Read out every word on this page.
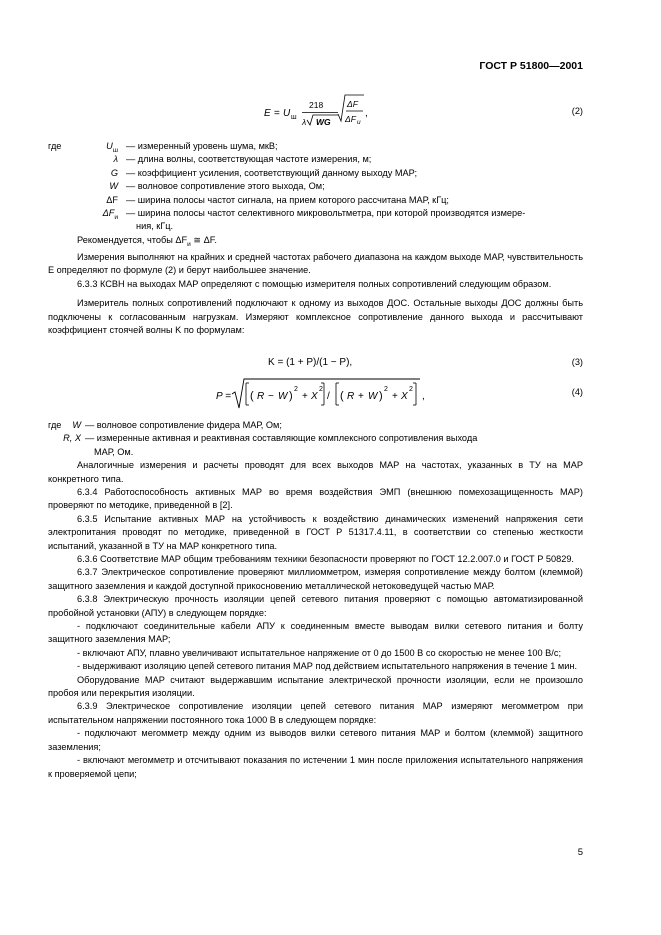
ГОСТ Р 51800—2001
E = U ш
218
λ WG
ΔF
ΔF и
,	(2)
где	$U_ш$ — измеренный уровень шума, мкВ;
λ — длина волны, соответствующая частоте измерения, м;
G — коэффициент усиления, соответствующий данному выходу МАР;
W — волновое сопротивление этого выхода, Ом;
ΔF — ширина полосы частот сигнала, на прием которого рассчитана МАР, кГц;
$\Delta F_и$ — ширина полосы частот селективного микровольтметра, при которой производятся измере-
ния, кГц.

Рекомендуется, чтобы $\Delta F_и$ ≅ ΔF.

Измерения выполняют на крайних и средней частотах рабочего диапазона на каждом выходе МАР, чувствительность E определяют по формуле (2) и берут наибольшее значение.

6.3.3 КСВН на выходах МАР определяют с помощью измерителя полных сопротивлений следующим образом.

Измеритель полных сопротивлений подключают к одному из выходов ДОС. Остальные выходы ДОС должны быть подключены к согласованным нагрузкам. Измеряют комплексное сопротивление данного выхода и рассчитывают коэффициент стоячей волны K по формулам:

K = (1 + P)/(1 − P),	(3)
P = ( R − W )
2
+ X
2
/ ( R + W )
2
+ X
2
,	(4)
где W — волновое сопротивление фидера МАР, Ом;
R, X — измеренные активная и реактивная составляющие комплексного сопротивления выхода
МАР, Ом.

Аналогичные измерения и расчеты проводят для всех выходов МАР на частотах, указанных в ТУ на МАР конкретного типа.

6.3.4 Работоспособность активных МАР во время воздействия ЭМП (внешнюю помехозащищенность МАР) проверяют по методике, приведенной в [2].

6.3.5 Испытание активных МАР на устойчивость к воздействию динамических изменений напряжения сети электропитания проводят по методике, приведенной в ГОСТ Р 51317.4.11, в соответствии со степенью жесткости испытаний, указанной в ТУ на МАР конкретного типа.

6.3.6 Соответствие МАР общим требованиям техники безопасности проверяют по ГОСТ 12.2.007.0 и ГОСТ Р 50829.

6.3.7 Электрическое сопротивление проверяют миллиомметром, измеряя сопротивление между болтом (клеммой) защитного заземления и каждой доступной прикосновению металлической нетоковедущей частью МАР.

6.3.8 Электрическую прочность изоляции цепей сетевого питания проверяют с помощью автоматизированной пробойной установки (АПУ) в следующем порядке:

- подключают соединительные кабели АПУ к соединенным вместе выводам вилки сетевого питания и болту защитного заземления МАР;

- включают АПУ, плавно увеличивают испытательное напряжение от 0 до 1500 В со скоростью не менее 100 В/с;

- выдерживают изоляцию цепей сетевого питания МАР под действием испытательного напряжения в течение 1 мин.

Оборудование МАР считают выдержавшим испытание электрической прочности изоляции, если не произошло пробоя или перекрытия изоляции.

6.3.9 Электрическое сопротивление изоляции цепей сетевого питания МАР измеряют мегомметром при испытательном напряжении постоянного тока 1000 В в следующем порядке:

- подключают мегомметр между одним из выводов вилки сетевого питания МАР и болтом (клеммой) защитного заземления;

- включают мегомметр и отсчитывают показания по истечении 1 мин после приложения испытательного напряжения к проверяемой цепи;

5
